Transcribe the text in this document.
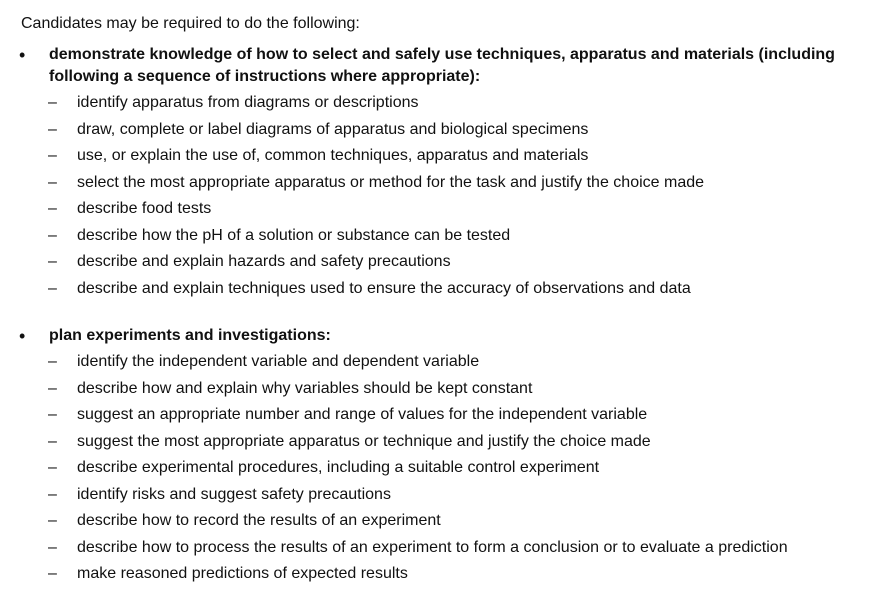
Candidates may be required to do the following:
• demonstrate knowledge of how to select and safely use techniques, apparatus and materials (including following a sequence of instructions where appropriate):
– identify apparatus from diagrams or descriptions
– draw, complete or label diagrams of apparatus and biological specimens
– use, or explain the use of, common techniques, apparatus and materials
– select the most appropriate apparatus or method for the task and justify the choice made
– describe food tests
– describe how the pH of a solution or substance can be tested
– describe and explain hazards and safety precautions
– describe and explain techniques used to ensure the accuracy of observations and data
• plan experiments and investigations:
– identify the independent variable and dependent variable
– describe how and explain why variables should be kept constant
– suggest an appropriate number and range of values for the independent variable
– suggest the most appropriate apparatus or technique and justify the choice made
– describe experimental procedures, including a suitable control experiment
– identify risks and suggest safety precautions
– describe how to record the results of an experiment
– describe how to process the results of an experiment to form a conclusion or to evaluate a prediction
– make reasoned predictions of expected results
